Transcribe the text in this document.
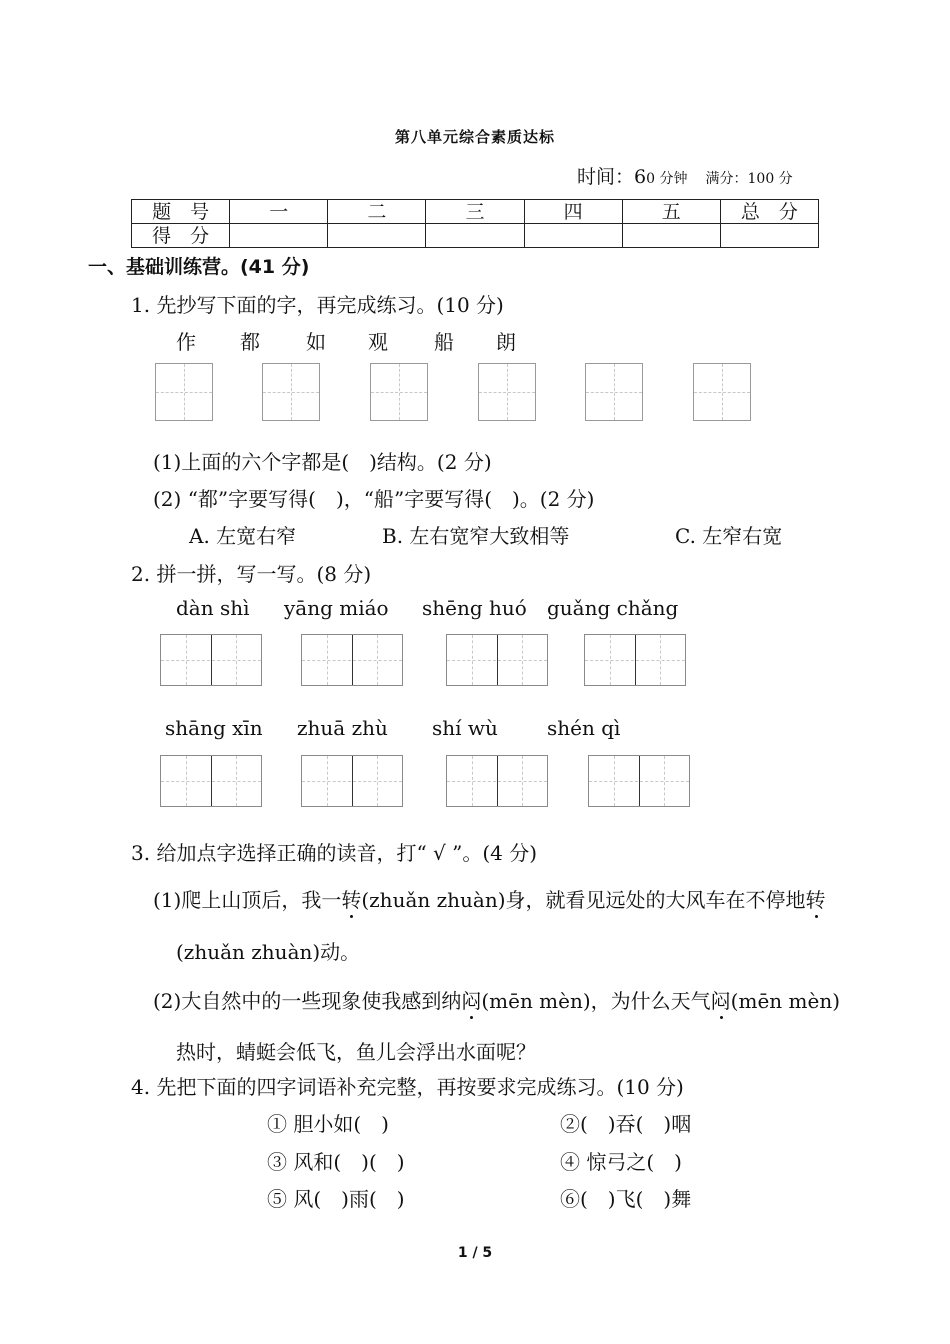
第八单元综合素质达标
时间：60 分钟 满分：100 分
题　号	一	二	三	四	五	总　分
得　分						
一、基础训练营。(41 分)
1. 先抄写下面的字，再完成练习。(10 分)
作 都 如 观 船 朗
(1)上面的六个字都是(　)结构。(2 分)
(2) “都”字要写得(　)，“船”字要写得(　)。(2 分)
A. 左宽右窄	B. 左右宽窄大致相等	C. 左窄右宽
2. 拼一拼，写一写。(8 分)
dàn shì yāng miáo shēng huó guǎng chǎng
shāng xīn zhuā zhù shí wù shén qì
3. 给加点字选择正确的读音，打“ √ ”。(4 分)
(1)爬上山顶后，我一转(zhuǎn zhuàn)身，就看见远处的大风车在不停地转
(zhuǎn zhuàn)动。
(2)大自然中的一些现象使我感到纳闷(mēn mèn)，为什么天气闷(mēn mèn)
热时，蜻蜓会低飞，鱼儿会浮出水面呢？
4. 先把下面的四字词语补充完整，再按要求完成练习。(10 分)
① 胆小如(　)	②(　)吞(　)咽
③ 风和(　)(　)	④ 惊弓之(　)
⑤ 风(　)雨(　)	⑥(　)飞(　)舞
1 / 5
